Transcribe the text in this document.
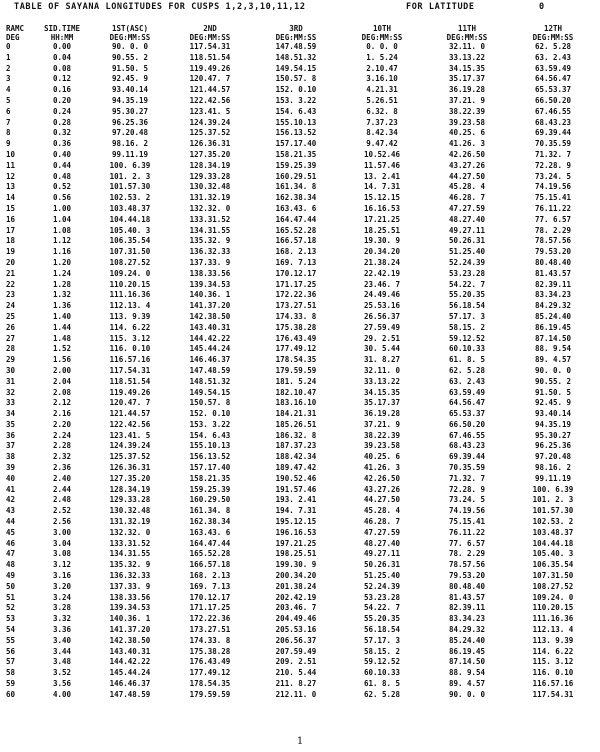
TABLE OF SAYANA LONGITUDES FOR CUSPS 1,2,3,10,11,12	FOR LATITUDE	0
RAMC	SID.TIME	1ST(ASC)	2ND	3RD	10TH	11TH	12TH
DEG	HH:MM	DEG:MM:SS	DEG:MM:SS	DEG:MM:SS	DEG:MM:SS	DEG:MM:SS	DEG:MM:SS
0	0.00	90. 0. 0	117.54.31	147.48.59	0. 0. 0	32.11. 0	62. 5.28
1	0.04	90.55. 2	118.51.54	148.51.32	1. 5.24	33.13.22	63. 2.43
2	0.08	91.50. 5	119.49.26	149.54.15	2.10.47	34.15.35	63.59.49
3	0.12	92.45. 9	120.47. 7	150.57. 8	3.16.10	35.17.37	64.56.47
4	0.16	93.40.14	121.44.57	152. 0.10	4.21.31	36.19.28	65.53.37
5	0.20	94.35.19	122.42.56	153. 3.22	5.26.51	37.21. 9	66.50.20
6	0.24	95.30.27	123.41. 5	154. 6.43	6.32. 8	38.22.39	67.46.55
7	0.28	96.25.36	124.39.24	155.10.13	7.37.23	39.23.58	68.43.23
8	0.32	97.20.48	125.37.52	156.13.52	8.42.34	40.25. 6	69.39.44
9	0.36	98.16. 2	126.36.31	157.17.40	9.47.42	41.26. 3	70.35.59
10	0.40	99.11.19	127.35.20	158.21.35	10.52.46	42.26.50	71.32. 7
11	0.44	100. 6.39	128.34.19	159.25.39	11.57.46	43.27.26	72.28. 9
12	0.48	101. 2. 3	129.33.28	160.29.51	13. 2.41	44.27.50	73.24. 5
13	0.52	101.57.30	130.32.48	161.34. 8	14. 7.31	45.28. 4	74.19.56
14	0.56	102.53. 2	131.32.19	162.38.34	15.12.15	46.28. 7	75.15.41
15	1.00	103.48.37	132.32. 0	163.43. 6	16.16.53	47.27.59	76.11.22
16	1.04	104.44.18	133.31.52	164.47.44	17.21.25	48.27.40	77. 6.57
17	1.08	105.40. 3	134.31.55	165.52.28	18.25.51	49.27.11	78. 2.29
18	1.12	106.35.54	135.32. 9	166.57.18	19.30. 9	50.26.31	78.57.56
19	1.16	107.31.50	136.32.33	168. 2.13	20.34.20	51.25.40	79.53.20
20	1.20	108.27.52	137.33. 9	169. 7.13	21.38.24	52.24.39	80.48.40
21	1.24	109.24. 0	138.33.56	170.12.17	22.42.19	53.23.28	81.43.57
22	1.28	110.20.15	139.34.53	171.17.25	23.46. 7	54.22. 7	82.39.11
23	1.32	111.16.36	140.36. 1	172.22.36	24.49.46	55.20.35	83.34.23
24	1.36	112.13. 4	141.37.20	173.27.51	25.53.16	56.18.54	84.29.32
25	1.40	113. 9.39	142.38.50	174.33. 8	26.56.37	57.17. 3	85.24.40
26	1.44	114. 6.22	143.40.31	175.38.28	27.59.49	58.15. 2	86.19.45
27	1.48	115. 3.12	144.42.22	176.43.49	29. 2.51	59.12.52	87.14.50
28	1.52	116. 0.10	145.44.24	177.49.12	30. 5.44	60.10.33	88. 9.54
29	1.56	116.57.16	146.46.37	178.54.35	31. 8.27	61. 8. 5	89. 4.57
30	2.00	117.54.31	147.48.59	179.59.59	32.11. 0	62. 5.28	90. 0. 0
31	2.04	118.51.54	148.51.32	181. 5.24	33.13.22	63. 2.43	90.55. 2
32	2.08	119.49.26	149.54.15	182.10.47	34.15.35	63.59.49	91.50. 5
33	2.12	120.47. 7	150.57. 8	183.16.10	35.17.37	64.56.47	92.45. 9
34	2.16	121.44.57	152. 0.10	184.21.31	36.19.28	65.53.37	93.40.14
35	2.20	122.42.56	153. 3.22	185.26.51	37.21. 9	66.50.20	94.35.19
36	2.24	123.41. 5	154. 6.43	186.32. 8	38.22.39	67.46.55	95.30.27
37	2.28	124.39.24	155.10.13	187.37.23	39.23.58	68.43.23	96.25.36
38	2.32	125.37.52	156.13.52	188.42.34	40.25. 6	69.39.44	97.20.48
39	2.36	126.36.31	157.17.40	189.47.42	41.26. 3	70.35.59	98.16. 2
40	2.40	127.35.20	158.21.35	190.52.46	42.26.50	71.32. 7	99.11.19
41	2.44	128.34.19	159.25.39	191.57.46	43.27.26	72.28. 9	100. 6.39
42	2.48	129.33.28	160.29.50	193. 2.41	44.27.50	73.24. 5	101. 2. 3
43	2.52	130.32.48	161.34. 8	194. 7.31	45.28. 4	74.19.56	101.57.30
44	2.56	131.32.19	162.38.34	195.12.15	46.28. 7	75.15.41	102.53. 2
45	3.00	132.32. 0	163.43. 6	196.16.53	47.27.59	76.11.22	103.48.37
46	3.04	133.31.52	164.47.44	197.21.25	48.27.40	77. 6.57	104.44.18
47	3.08	134.31.55	165.52.28	198.25.51	49.27.11	78. 2.29	105.40. 3
48	3.12	135.32. 9	166.57.18	199.30. 9	50.26.31	78.57.56	106.35.54
49	3.16	136.32.33	168. 2.13	200.34.20	51.25.40	79.53.20	107.31.50
50	3.20	137.33. 9	169. 7.13	201.38.24	52.24.39	80.48.40	108.27.52
51	3.24	138.33.56	170.12.17	202.42.19	53.23.28	81.43.57	109.24. 0
52	3.28	139.34.53	171.17.25	203.46. 7	54.22. 7	82.39.11	110.20.15
53	3.32	140.36. 1	172.22.36	204.49.46	55.20.35	83.34.23	111.16.36
54	3.36	141.37.20	173.27.51	205.53.16	56.18.54	84.29.32	112.13. 4
55	3.40	142.38.50	174.33. 8	206.56.37	57.17. 3	85.24.40	113. 9.39
56	3.44	143.40.31	175.38.28	207.59.49	58.15. 2	86.19.45	114. 6.22
57	3.48	144.42.22	176.43.49	209. 2.51	59.12.52	87.14.50	115. 3.12
58	3.52	145.44.24	177.49.12	210. 5.44	60.10.33	88. 9.54	116. 0.10
59	3.56	146.46.37	178.54.35	211. 8.27	61. 8. 5	89. 4.57	116.57.16
60	4.00	147.48.59	179.59.59	212.11. 0	62. 5.28	90. 0. 0	117.54.31
1
